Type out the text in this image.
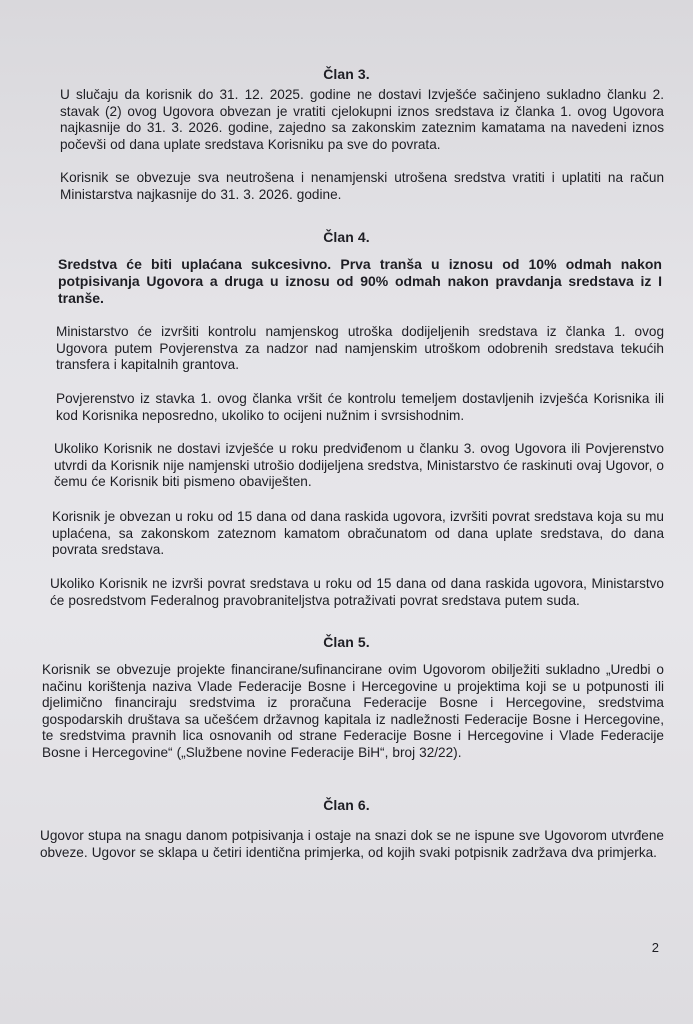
Član 3.

U slučaju da korisnik do 31. 12. 2025. godine ne dostavi Izvješće sačinjeno sukladno članku 2. stavak (2) ovog Ugovora obvezan je vratiti cjelokupni iznos sredstava iz članka 1. ovog Ugovora najkasnije do 31. 3. 2026. godine, zajedno sa zakonskim zateznim kamatama na navedeni iznos počevši od dana uplate sredstava Korisniku pa sve do povrata.

Korisnik se obvezuje sva neutrošena i nenamjenski utrošena sredstva vratiti i uplatiti na račun Ministarstva najkasnije do 31. 3. 2026. godine.

Član 4.

Sredstva će biti uplaćana sukcesivno. Prva tranša u iznosu od 10% odmah nakon potpisivanja Ugovora a druga u iznosu od 90% odmah nakon pravdanja sredstava iz I tranše.

Ministarstvo će izvršiti kontrolu namjenskog utroška dodijeljenih sredstava iz članka 1. ovog Ugovora putem Povjerenstva za nadzor nad namjenskim utroškom odobrenih sredstava tekućih transfera i kapitalnih grantova.

Povjerenstvo iz stavka 1. ovog članka vršit će kontrolu temeljem dostavljenih izvješća Korisnika ili kod Korisnika neposredno, ukoliko to ocijeni nužnim i svrsishodnim.

Ukoliko Korisnik ne dostavi izvješće u roku predviđenom u članku 3. ovog Ugovora ili Povjerenstvo utvrdi da Korisnik nije namjenski utrošio dodijeljena sredstva, Ministarstvo će raskinuti ovaj Ugovor, o čemu će Korisnik biti pismeno obaviješten.

Korisnik je obvezan u roku od 15 dana od dana raskida ugovora, izvršiti povrat sredstava koja su mu uplaćena, sa zakonskom zateznom kamatom obračunatom od dana uplate sredstava, do dana povrata sredstava.

Ukoliko Korisnik ne izvrši povrat sredstava u roku od 15 dana od dana raskida ugovora, Ministarstvo će posredstvom Federalnog pravobraniteljstva potraživati povrat sredstava putem suda.

Član 5.

Korisnik se obvezuje projekte financirane/sufinancirane ovim Ugovorom obilježiti sukladno „Uredbi o načinu korištenja naziva Vlade Federacije Bosne i Hercegovine u projektima koji se u potpunosti ili djelimično financiraju sredstvima iz proračuna Federacije Bosne i Hercegovine, sredstvima gospodarskih društava sa učešćem državnog kapitala iz nadležnosti Federacije Bosne i Hercegovine, te sredstvima pravnih lica osnovanih od strane Federacije Bosne i Hercegovine i Vlade Federacije Bosne i Hercegovine“ („Službene novine Federacije BiH“, broj 32/22).

Član 6.

Ugovor stupa na snagu danom potpisivanja i ostaje na snazi dok se ne ispune sve Ugovorom utvrđene obveze. Ugovor se sklapa u četiri identična primjerka, od kojih svaki potpisnik zadržava dva primjerka.

2
